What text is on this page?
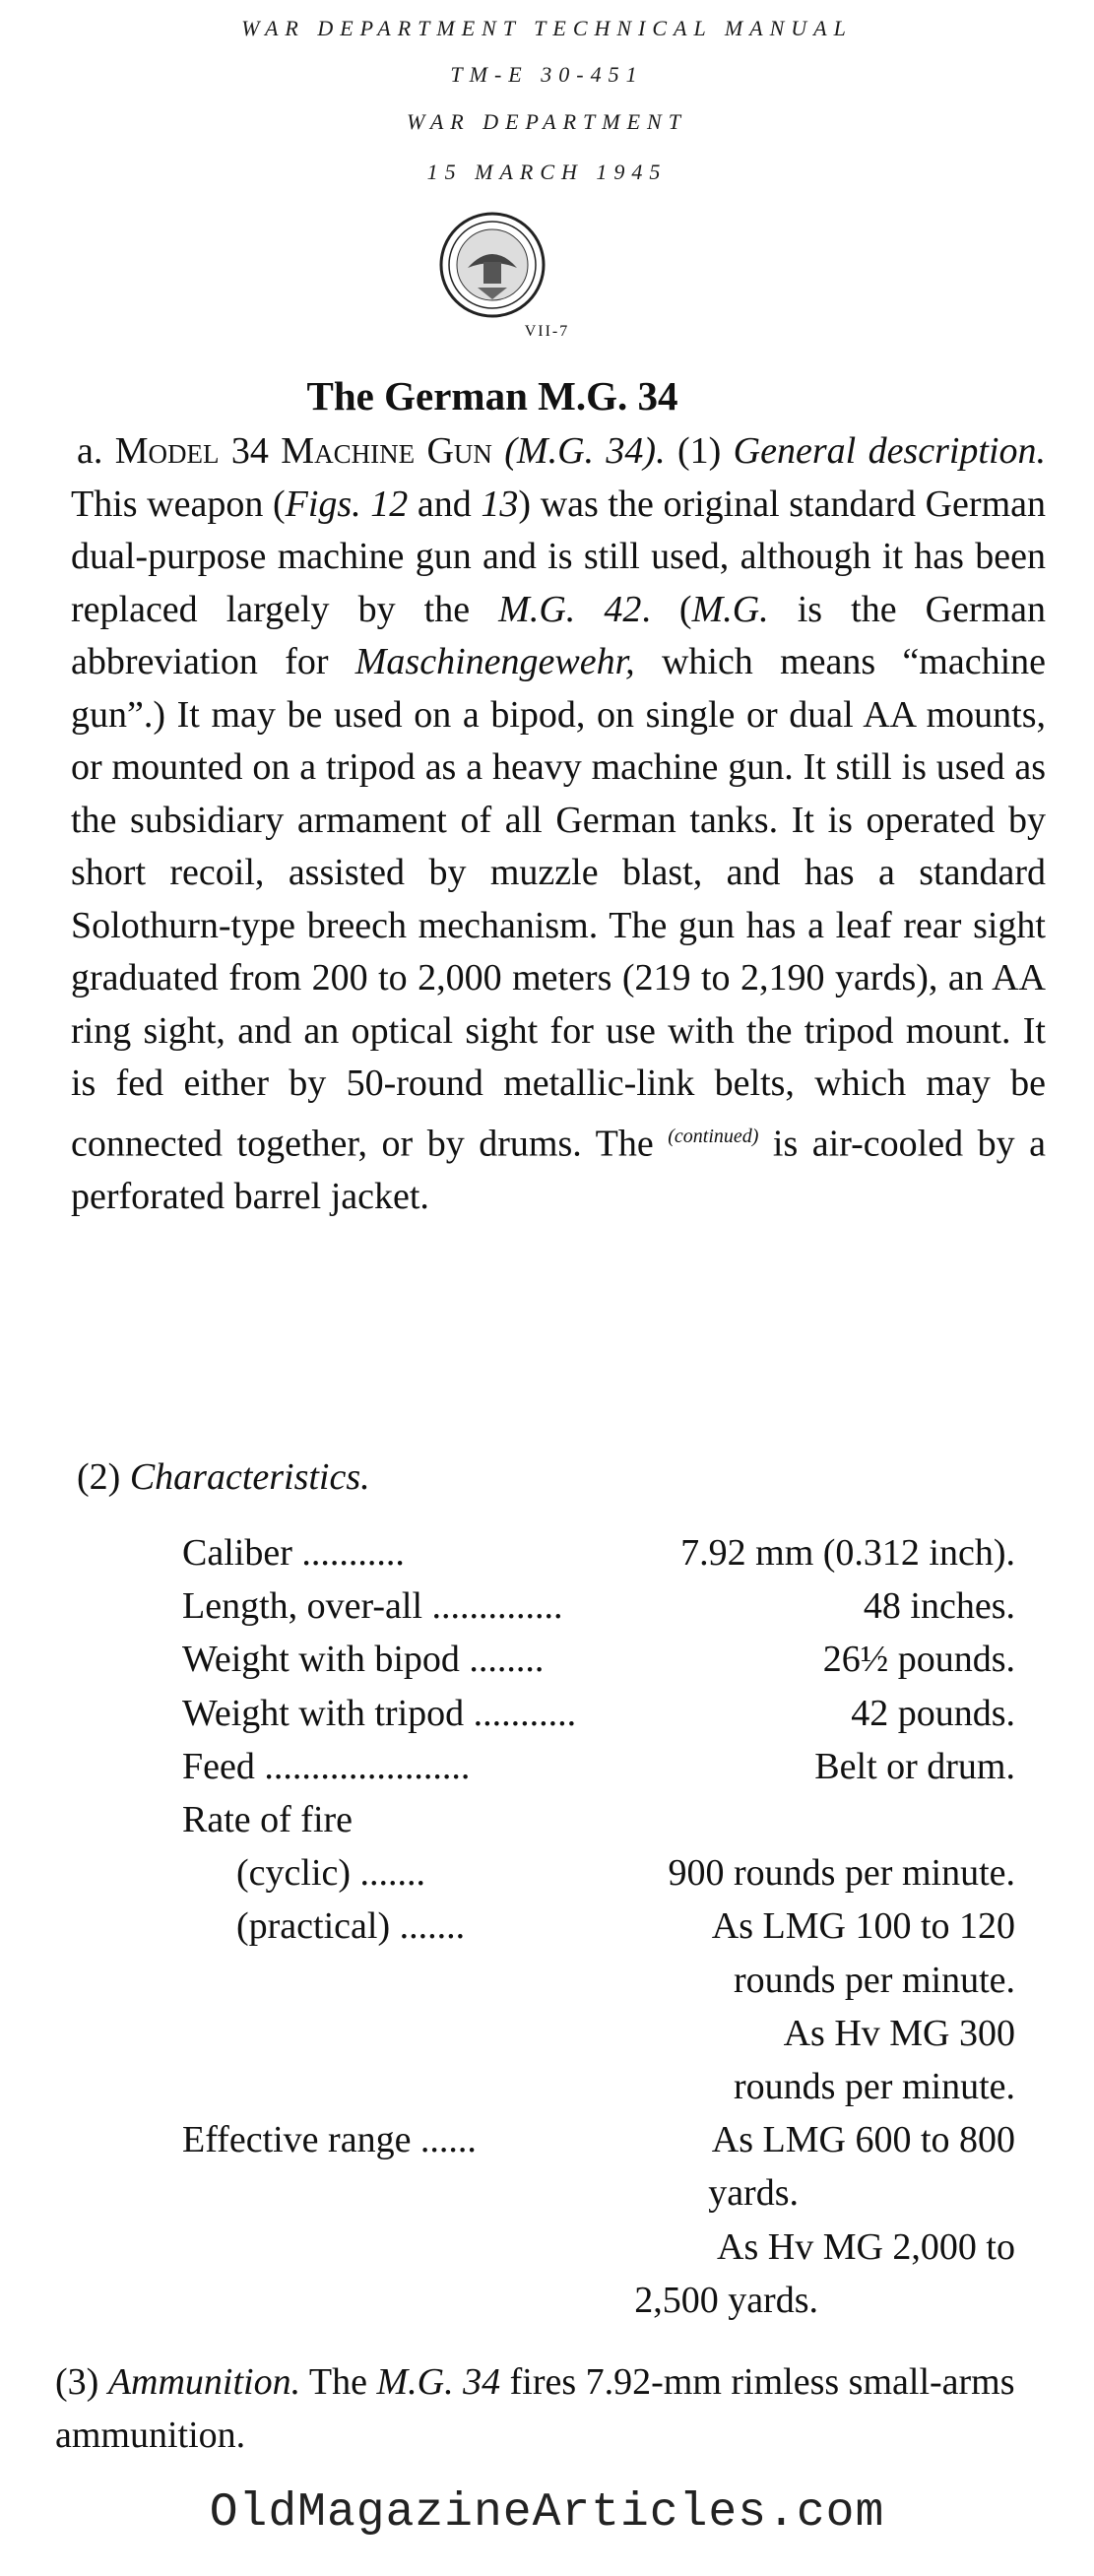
WAR DEPARTMENT TECHNICAL MANUAL
TM-E 30-451
WAR DEPARTMENT
15 MARCH 1945
VII-7
The German M.G. 34
a. Model 34 Machine Gun (M.G. 34). (1) General description. This weapon (Figs. 12 and 13) was the original standard German dual-purpose machine gun and is still used, although it has been replaced largely by the M.G. 42. (M.G. is the German abbreviation for Maschinengewehr, which means “machine gun”.) It may be used on a bipod, on single or dual AA mounts, or mounted on a tripod as a heavy machine gun. It still is used as the subsidiary armament of all German tanks. It is operated by short recoil, assisted by muzzle blast, and has a standard Solothurn-type breech mechanism. The gun has a leaf rear sight graduated from 200 to 2,000 meters (219 to 2,190 yards), an AA ring sight, and an optical sight for use with the tripod mount. It is fed either by 50-round metallic-link belts, which may be connected together, or by drums. The $^{(continued)}$ is air-cooled by a perforated barrel jacket.
(2) Characteristics.
Caliber ...........	7.92 mm (0.312 inch).
Length, over-all ..............	48 inches.
Weight with bipod ........	26½ pounds.
Weight with tripod ...........	42 pounds.
Feed ......................	Belt or drum.
Rate of fire
(cyclic) .......	900 rounds per minute.
(practical) .......	As LMG 100 to 120
rounds per minute.
As Hv MG 300
rounds per minute.
Effective range ......	As LMG 600 to 800
yards.
As Hv MG 2,000 to
2,500 yards.
(3) Ammunition. The M.G. 34 fires 7.92-mm rimless small-arms ammunition.
OldMagazineArticles.com
